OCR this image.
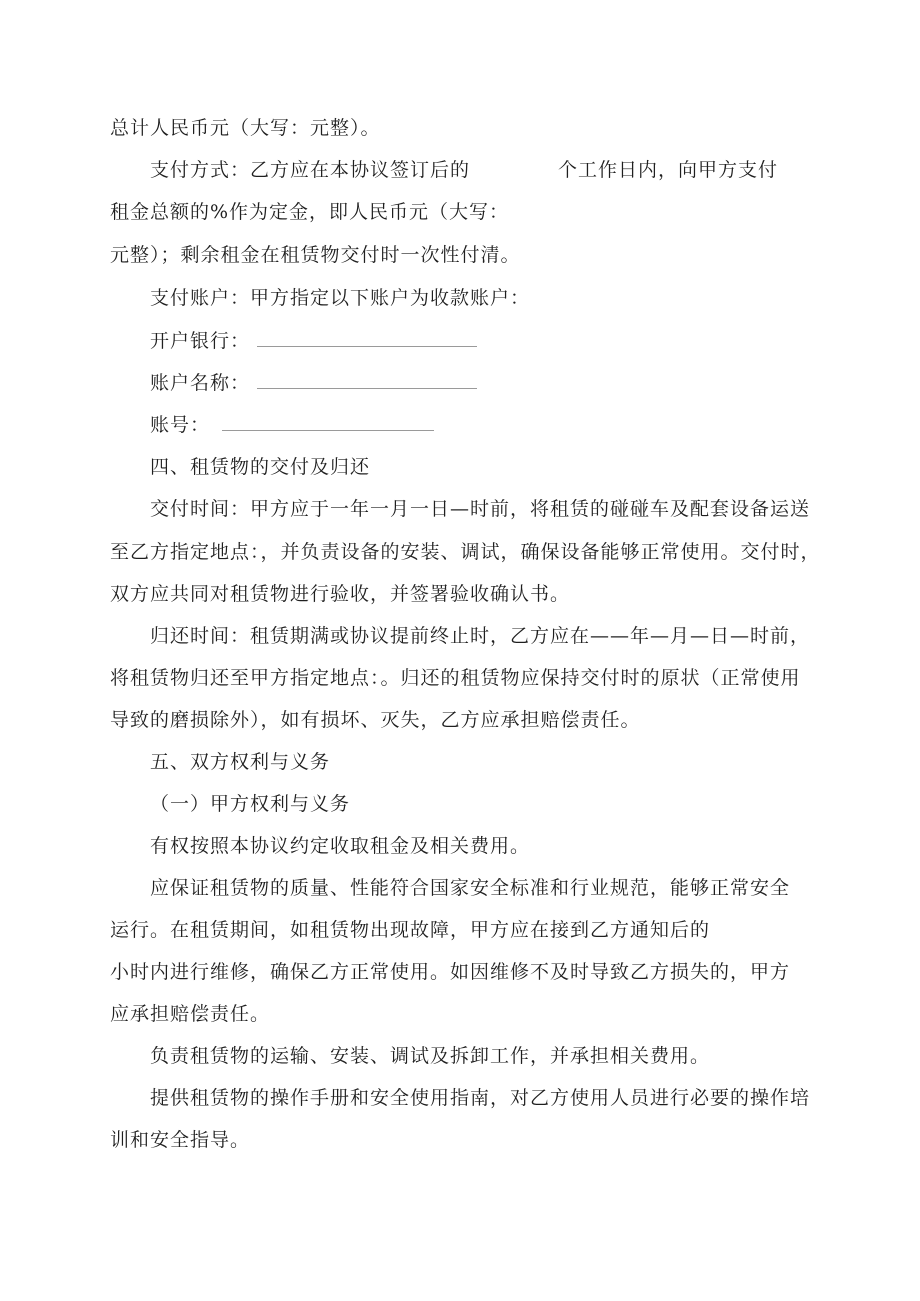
总计人民币元（大写：元整）。
支付方式：乙方应在本协议签订后的	个工作日内，向甲方支付
租金总额的%作为定金，即人民币元（大写：
元整）；剩余租金在租赁物交付时一次性付清。
支付账户：甲方指定以下账户为收款账户：
开户银行：
账户名称：
账号：
四、租赁物的交付及归还
交付时间：甲方应于一年一月一日—时前，将租赁的碰碰车及配套设备运送
至乙方指定地点：，并负责设备的安装、调试，确保设备能够正常使用。交付时，
双方应共同对租赁物进行验收，并签署验收确认书。
归还时间：租赁期满或协议提前终止时，乙方应在——年—月—日—时前，
将租赁物归还至甲方指定地点：。归还的租赁物应保持交付时的原状（正常使用
导致的磨损除外），如有损坏、灭失，乙方应承担赔偿责任。
五、双方权利与义务
（一）甲方权利与义务
有权按照本协议约定收取租金及相关费用。
应保证租赁物的质量、性能符合国家安全标准和行业规范，能够正常安全
运行。在租赁期间，如租赁物出现故障，甲方应在接到乙方通知后的
小时内进行维修，确保乙方正常使用。如因维修不及时导致乙方损失的，甲方
应承担赔偿责任。
负责租赁物的运输、安装、调试及拆卸工作，并承担相关费用。
提供租赁物的操作手册和安全使用指南，对乙方使用人员进行必要的操作培
训和安全指导。
